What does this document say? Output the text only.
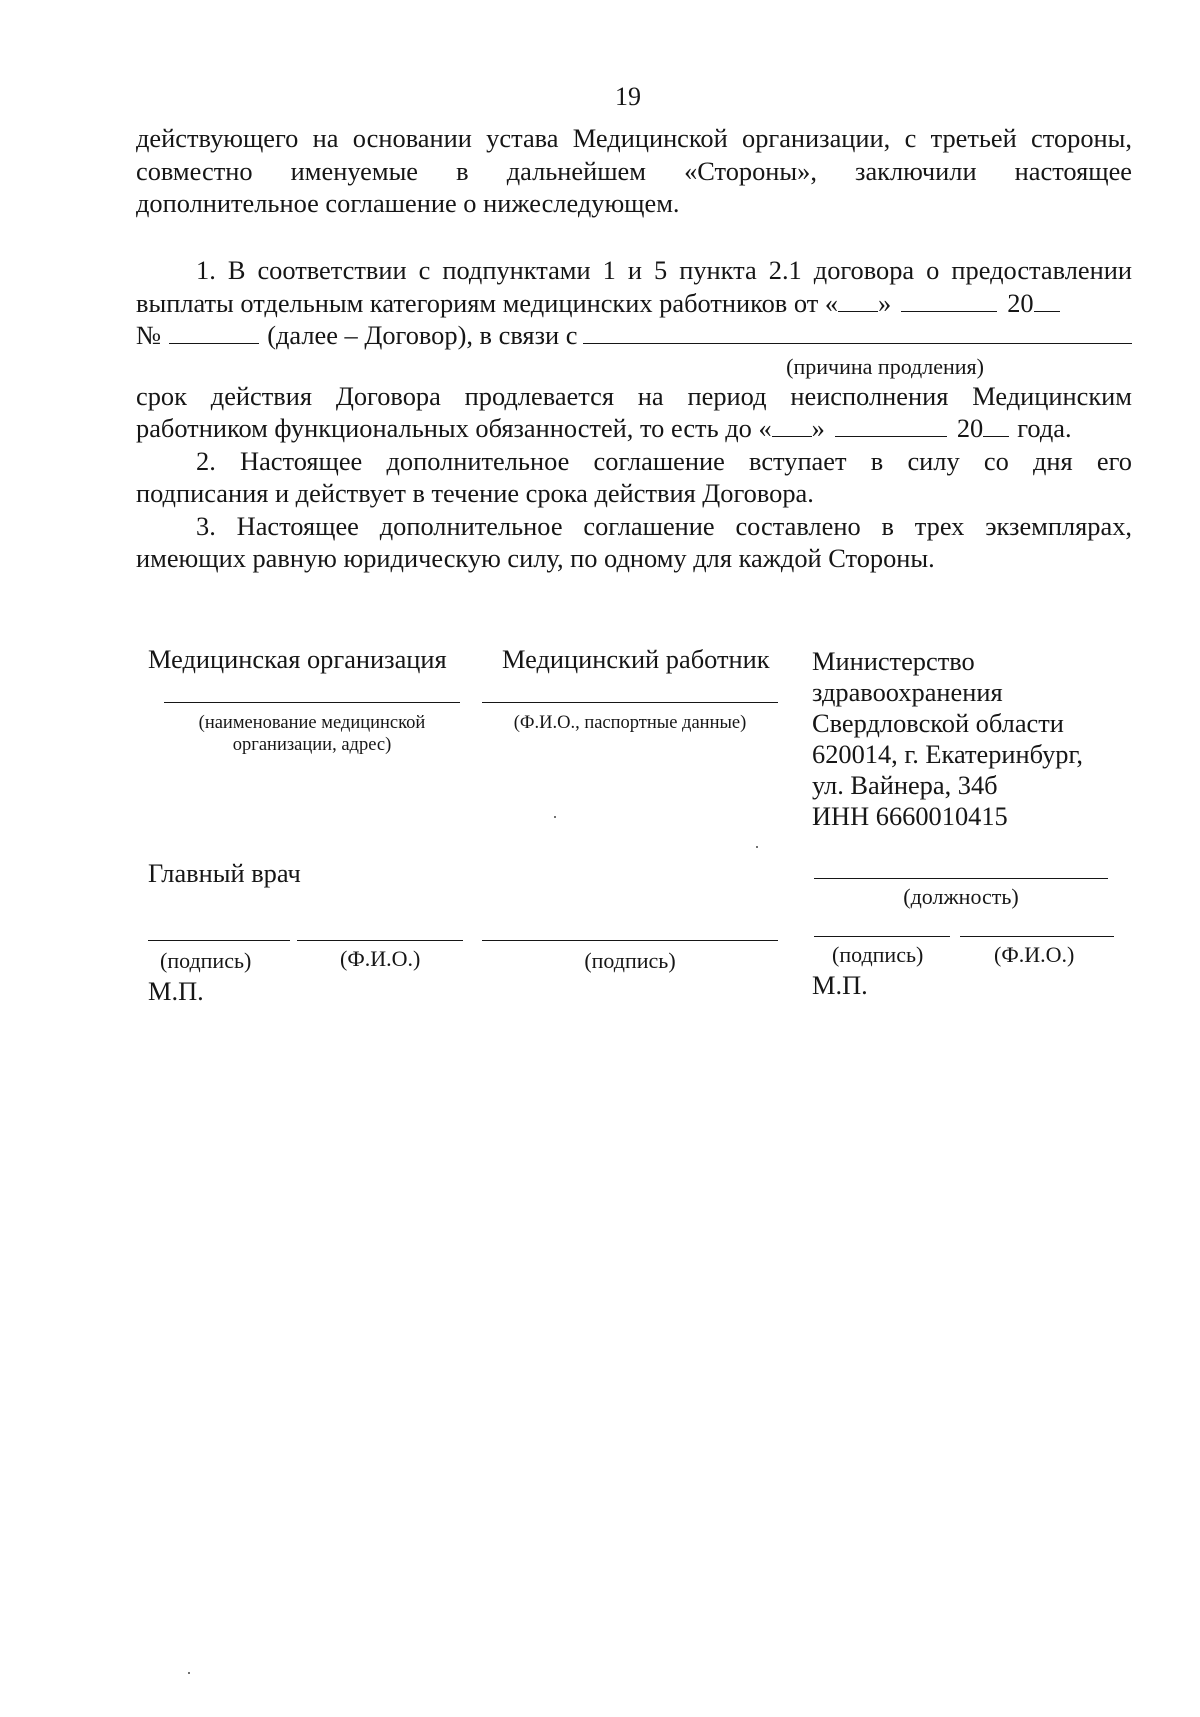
19

действующего на основании устава Медицинской организации, с третьей стороны,

совместно именуемые в дальнейшем «Стороны», заключили настоящее

дополнительное соглашение о нижеследующем.

1. В соответствии с подпунктами 1 и 5 пункта 2.1 договора о предоставлении

выплаты отдельным категориям медицинских работников от « »	20
№	(далее – Договор), в связи с
(причина продления)

срок действия Договора продлевается на период неисполнения Медицинским

работником функциональных обязанностей, то есть до « »	20 года.

2. Настоящее дополнительное соглашение вступает в силу со дня его

подписания и действует в течение срока действия Договора.

3. Настоящее дополнительное соглашение составлено в трех экземплярах,

имеющих равную юридическую силу, по одному для каждой Стороны.

Медицинская организация
(наименование медицинской
организации, адрес)
Главный врач
(подпись)	(Ф.И.О.)
М.П.
Медицинский работник
(Ф.И.О., паспортные данные)
(подпись)
Министерство
здравоохранения
Свердловской области
620014, г. Екатеринбург,
ул. Вайнера, 34б
ИНН 6660010415
(должность)
(подпись)	(Ф.И.О.)
М.П.
